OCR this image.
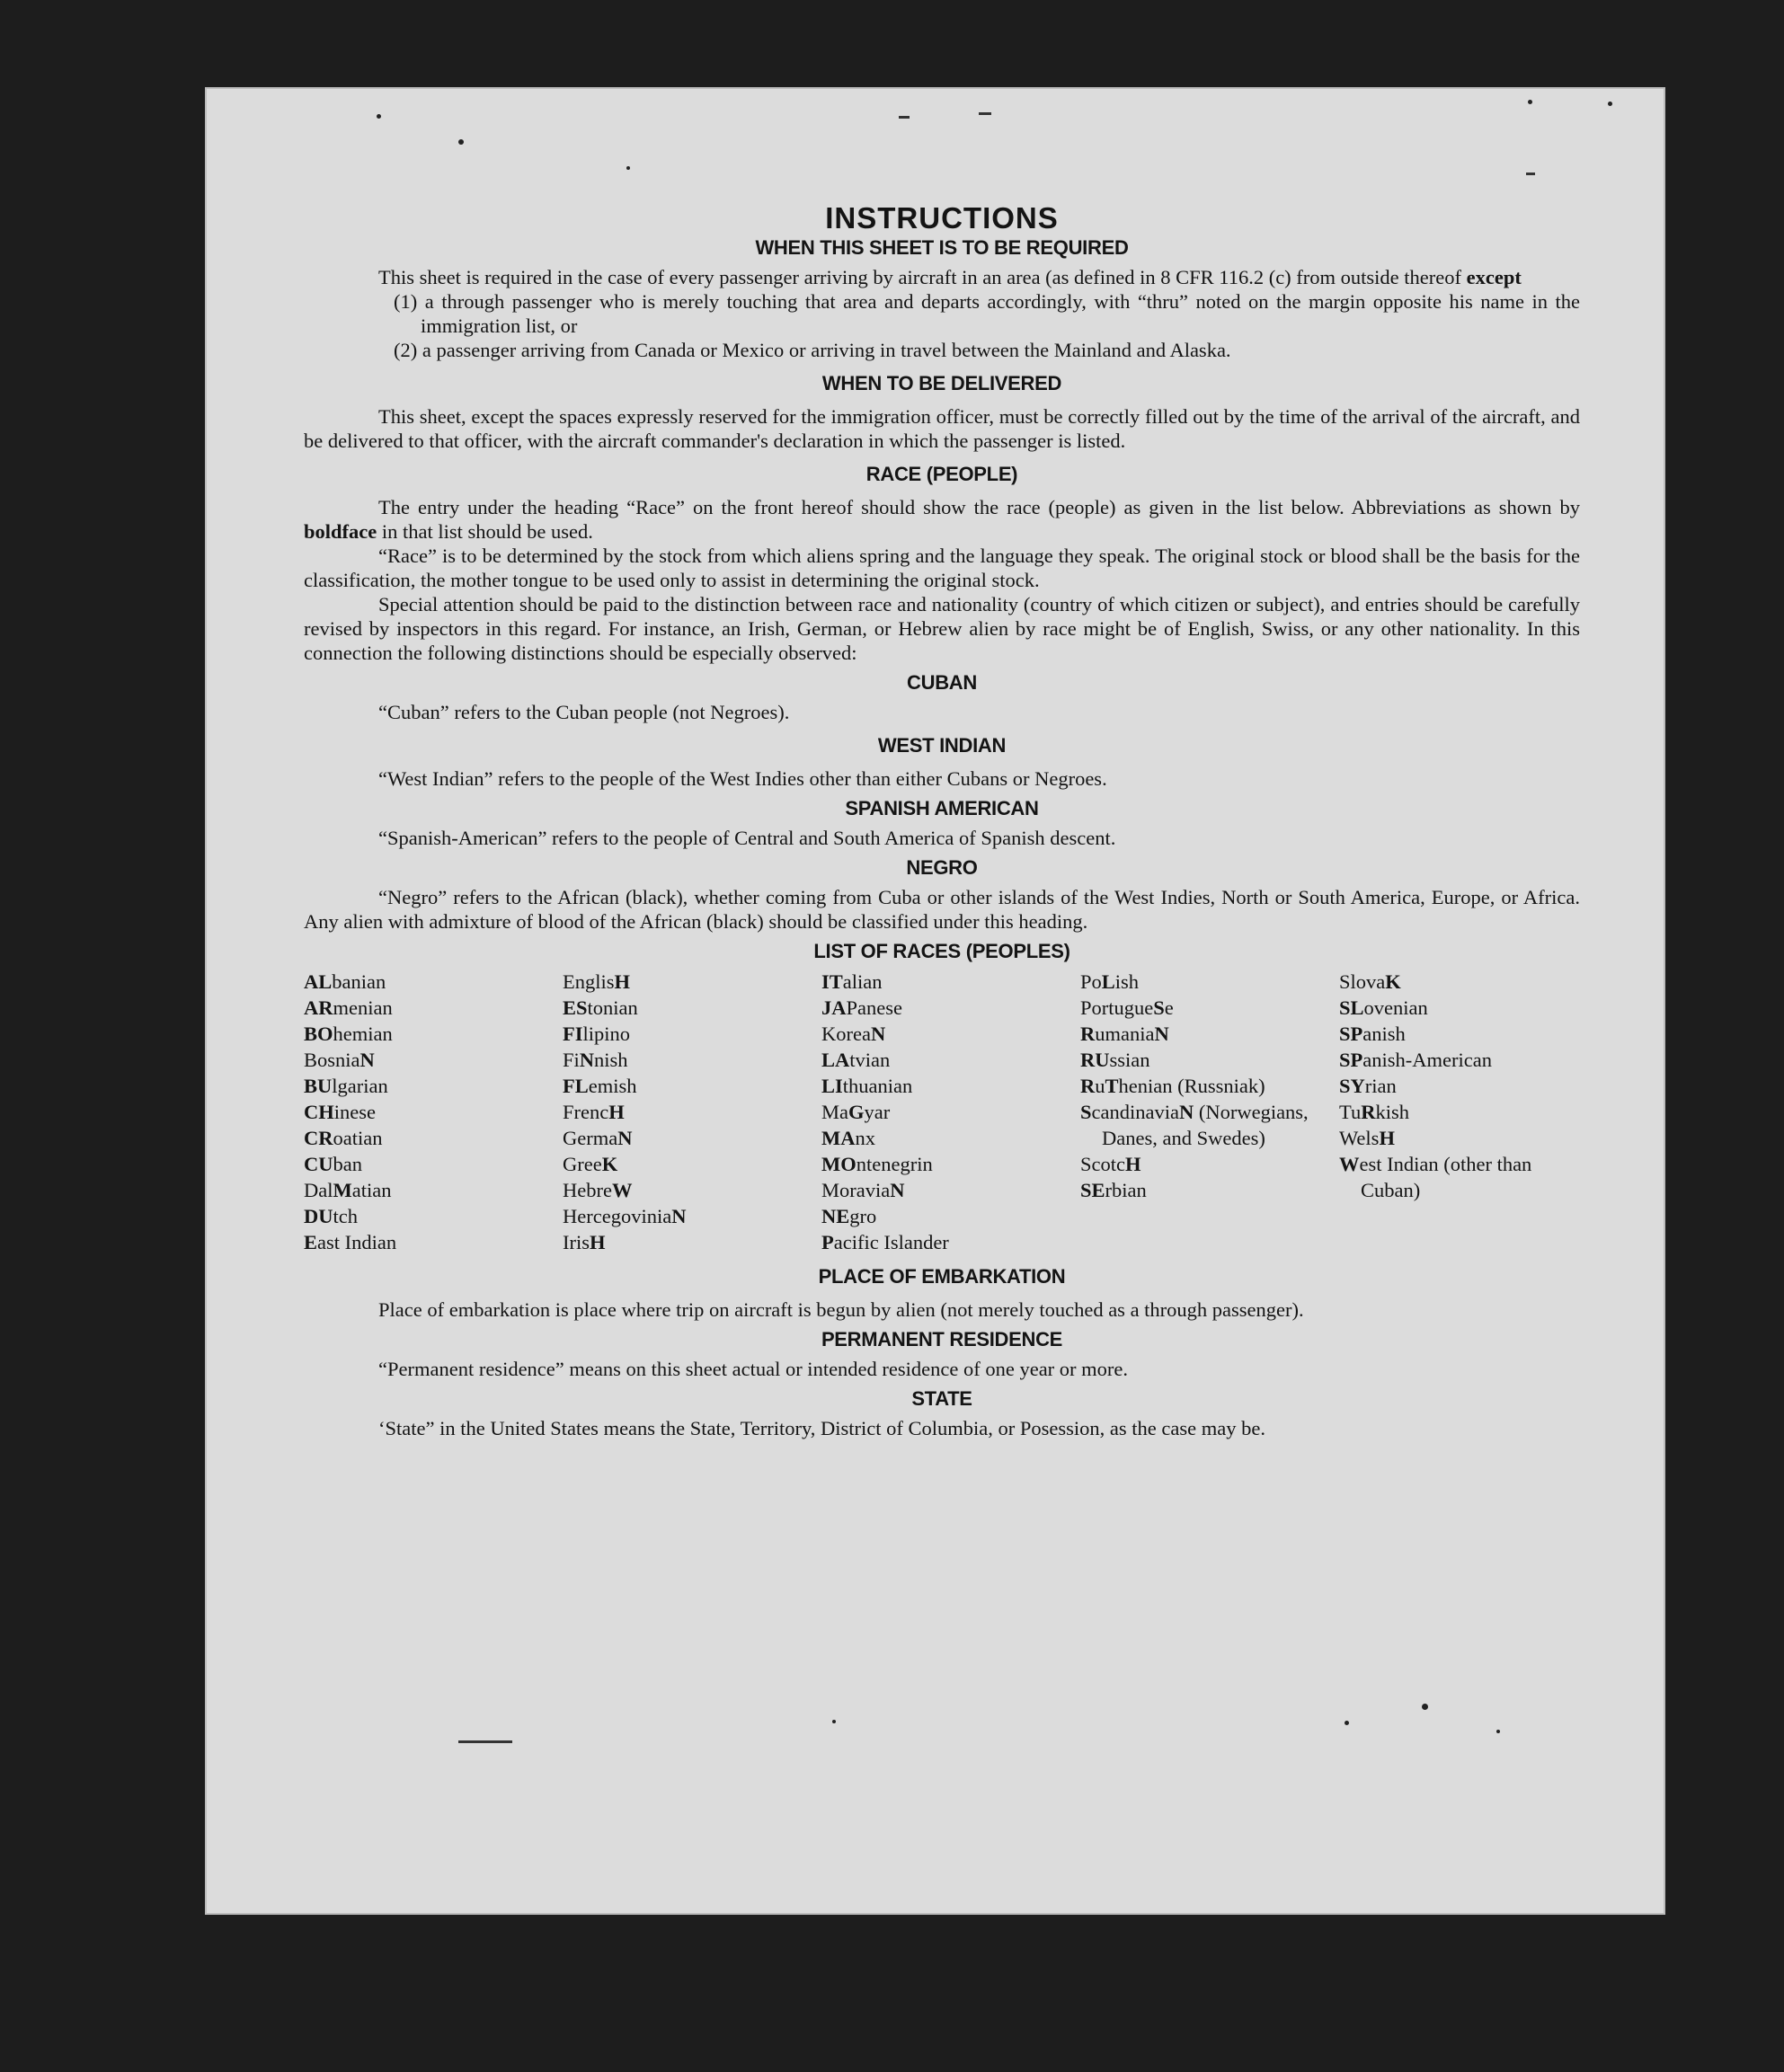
INSTRUCTIONS
WHEN THIS SHEET IS TO BE REQUIRED

This sheet is required in the case of every passenger arriving by aircraft in an area (as defined in 8 CFR 116.2 (c) from outside thereof except

(1) a through passenger who is merely touching that area and departs accordingly, with “thru” noted on the margin opposite his name in the immigration list, or

(2) a passenger arriving from Canada or Mexico or arriving in travel between the Mainland and Alaska.

WHEN TO BE DELIVERED

This sheet, except the spaces expressly reserved for the immigration officer, must be correctly filled out by the time of the arrival of the aircraft, and be delivered to that officer, with the aircraft commander's declaration in which the passenger is listed.

RACE (PEOPLE)

The entry under the heading “Race” on the front hereof should show the race (people) as given in the list below. Abbreviations as shown by boldface in that list should be used.

“Race” is to be determined by the stock from which aliens spring and the language they speak. The original stock or blood shall be the basis for the classification, the mother tongue to be used only to assist in determining the original stock.

Special attention should be paid to the distinction between race and nationality (country of which citizen or subject), and entries should be carefully revised by inspectors in this regard. For instance, an Irish, German, or Hebrew alien by race might be of English, Swiss, or any other nationality. In this connection the following distinctions should be especially observed:

CUBAN

“Cuban” refers to the Cuban people (not Negroes).

WEST INDIAN

“West Indian” refers to the people of the West Indies other than either Cubans or Negroes.

SPANISH AMERICAN

“Spanish-American” refers to the people of Central and South America of Spanish descent.

NEGRO

“Negro” refers to the African (black), whether coming from Cuba or other islands of the West Indies, North or South America, Europe, or Africa. Any alien with admixture of blood of the African (black) should be classified under this heading.

LIST OF RACES (PEOPLES)
ALbanian
ARmenian
BOhemian
BosniaN
BUlgarian
CHinese
CRoatian
CUban
DalMatian
DUtch
East Indian
EnglisH
EStonian
FIlipino
FiNnish
FLemish
FrencH
GermaN
GreeK
HebreW
HercegoviniaN
IrisH
ITalian
JAPanese
KoreaN
LAtvian
LIthuanian
MaGyar
MAnx
MOntenegrin
MoraviaN
NEgro
Pacific Islander
PoLish
PortugueSe
RumaniaN
RUssian
RuThenian (Russniak)
ScandinaviaN (Norwegians, Danes, and Swedes)
ScotcH
SErbian
SlovaK
SLovenian
SPanish
SPanish-American
SYrian
TuRkish
WelsH
West Indian (other than Cuban)
PLACE OF EMBARKATION

Place of embarkation is place where trip on aircraft is begun by alien (not merely touched as a through passenger).

PERMANENT RESIDENCE

“Permanent residence” means on this sheet actual or intended residence of one year or more.

STATE

‘State” in the United States means the State, Territory, District of Columbia, or Posession, as the case may be.
